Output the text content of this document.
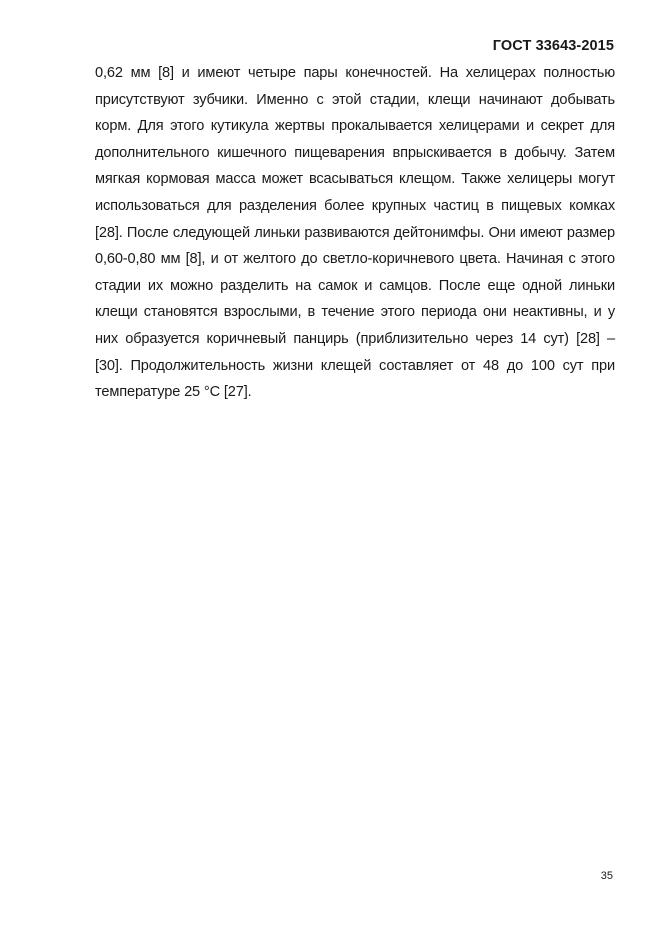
ГОСТ 33643-2015

0,62 мм [8] и имеют четыре пары конечностей. На хелицерах полностью присутствуют зубчики. Именно с этой стадии, клещи начинают добывать корм. Для этого кутикула жертвы прокалывается хелицерами и секрет для дополнительного кишечного пищеварения впрыскивается в добычу. Затем мягкая кормовая масса может всасываться клещом. Также хелицеры могут использоваться для разделения более крупных частиц в пищевых комках [28]. После следующей линьки развиваются дейтонимфы. Они имеют размер 0,60-0,80 мм [8], и от желтого до светло-коричневого цвета. Начиная с этого стадии их можно разделить на самок и самцов. После еще одной линьки клещи становятся взрослыми, в течение этого периода они неактивны, и у них образуется коричневый панцирь (приблизительно через 14 сут) [28] – [30]. Продолжительность жизни клещей составляет от 48 до 100 сут при температуре 25 °C [27].

35
